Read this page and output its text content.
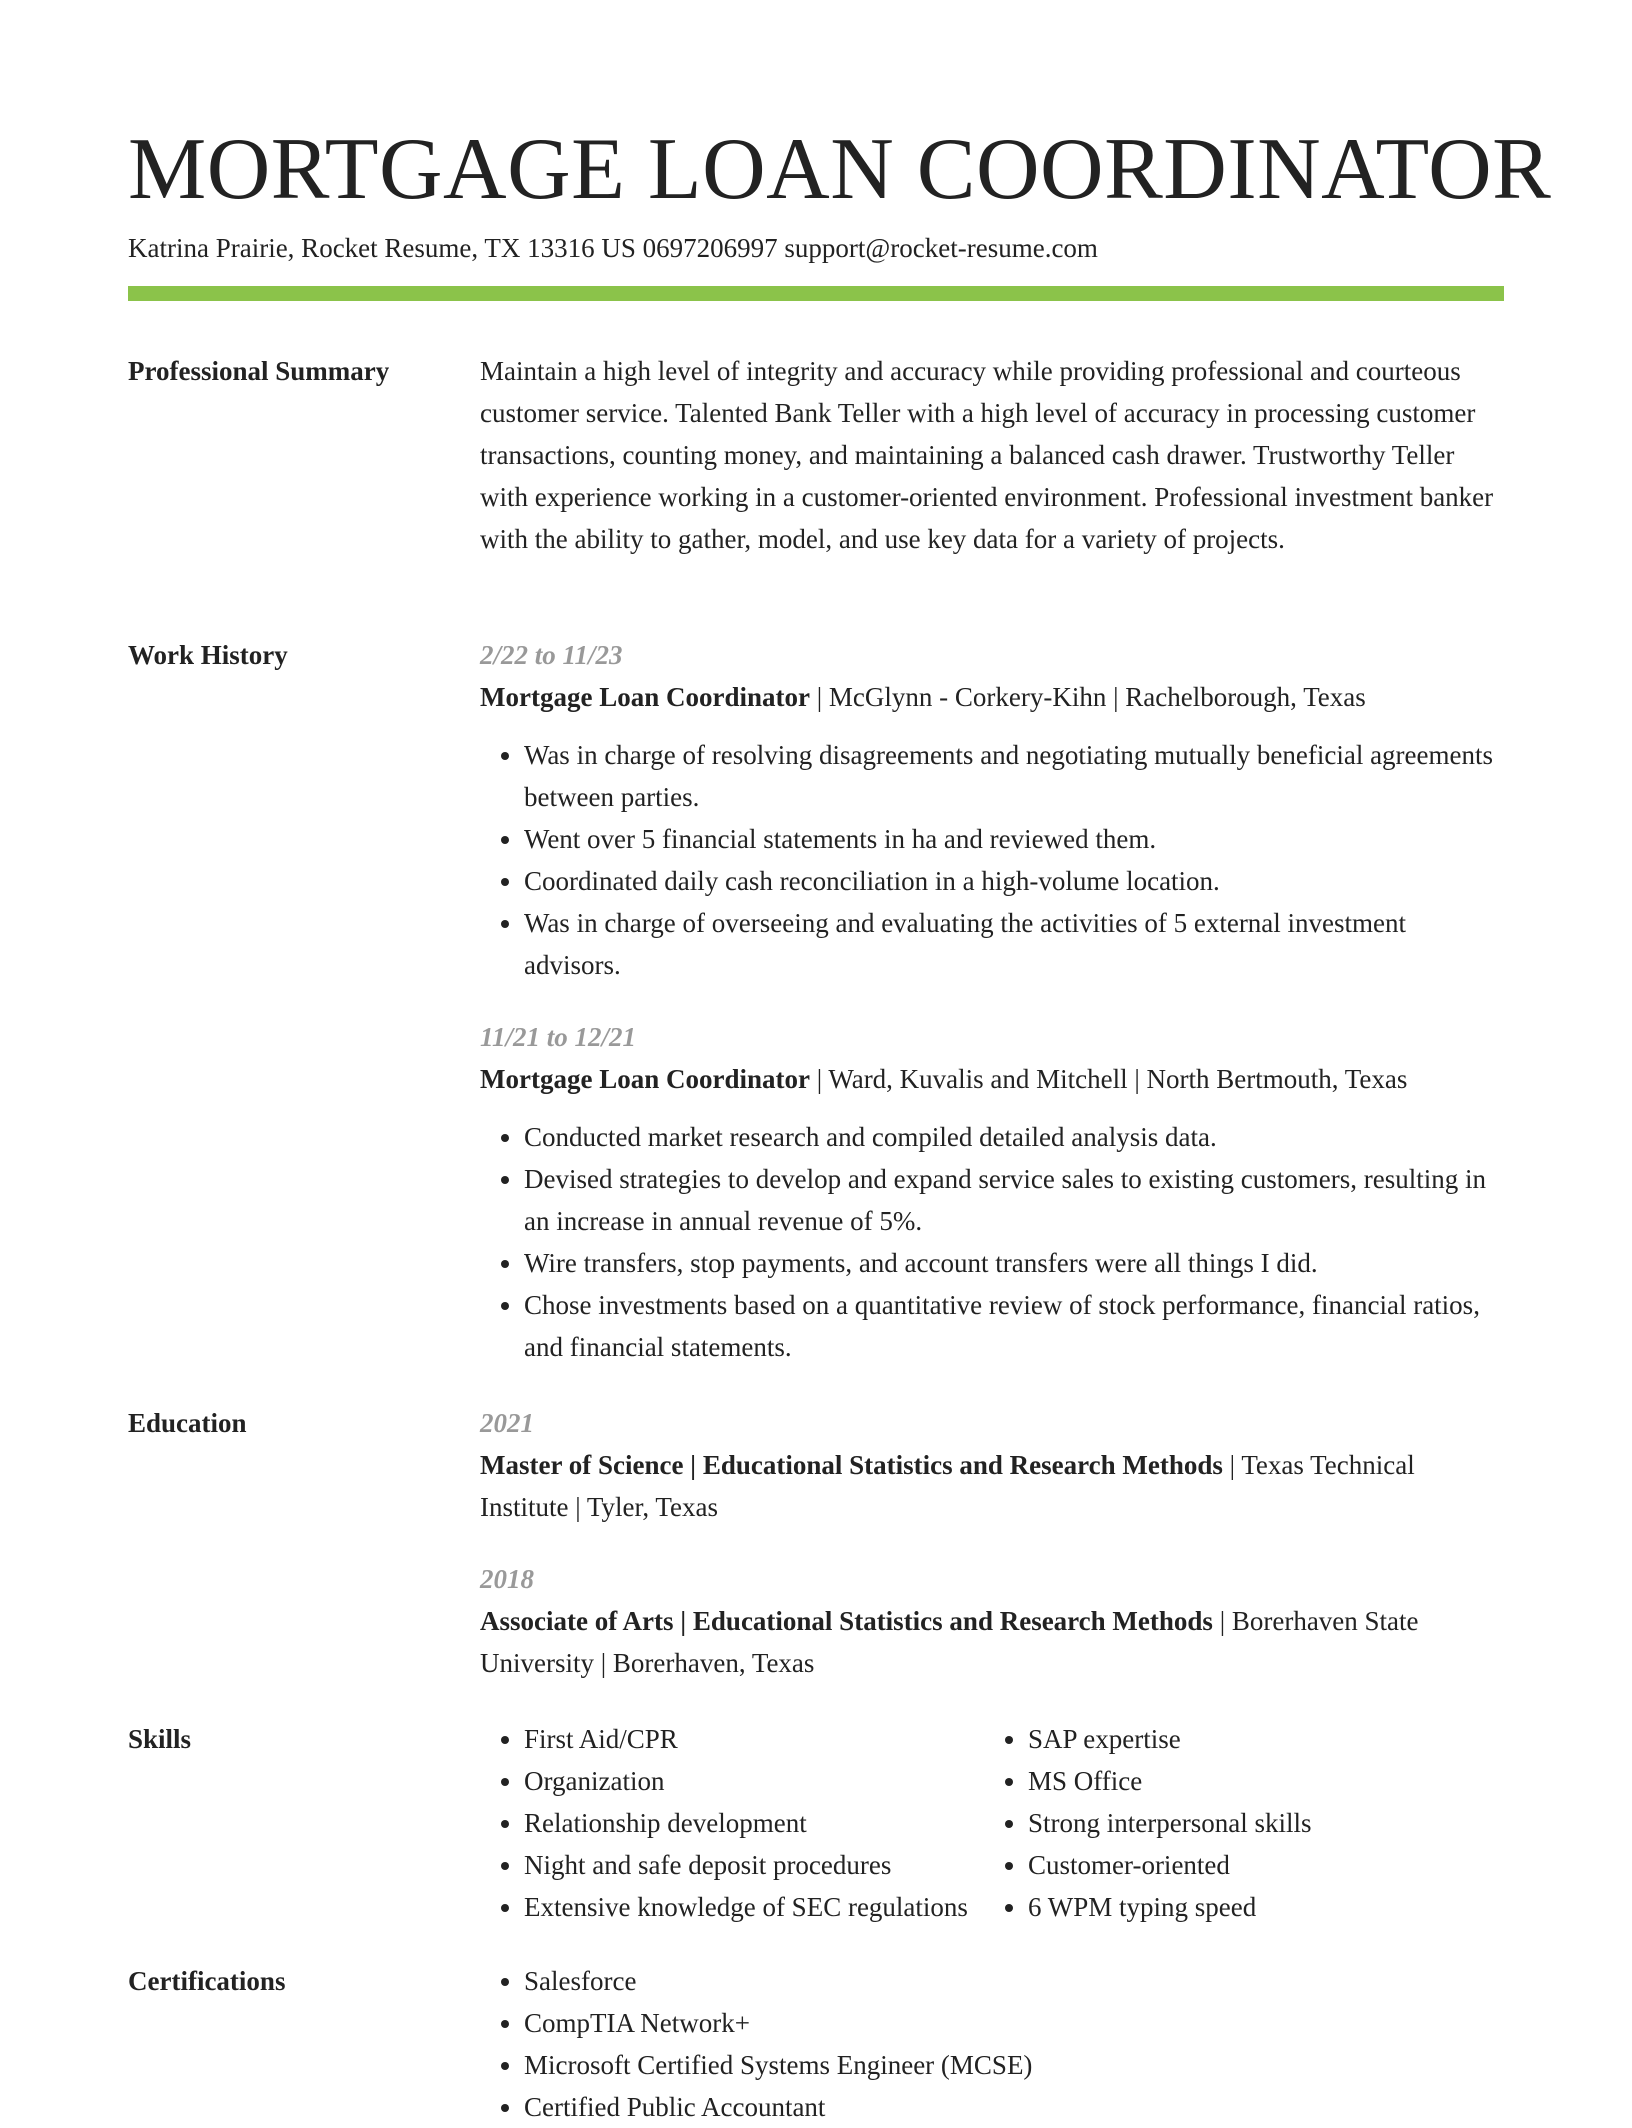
MORTGAGE LOAN COORDINATOR
Katrina Prairie, Rocket Resume, TX 13316 US 0697206997 support@rocket-resume.com
Professional Summary	Maintain a high level of integrity and accuracy while providing professional and courteous customer service. Talented Bank Teller with a high level of accuracy in processing customer transactions, counting money, and maintaining a balanced cash drawer. Trustworthy Teller with experience working in a customer-oriented environment. Professional investment banker with the ability to gather, model, and use key data for a variety of projects.

Work History	2/22 to 11/23
Mortgage Loan Coordinator | McGlynn - Corkery-Kihn | Rachelborough, Texas
• Was in charge of resolving disagreements and negotiating mutually beneficial agreements between parties.
• Went over 5 financial statements in ha and reviewed them.
• Coordinated daily cash reconciliation in a high-volume location.
• Was in charge of overseeing and evaluating the activities of 5 external investment advisors.
11/21 to 12/21
Mortgage Loan Coordinator | Ward, Kuvalis and Mitchell | North Bertmouth, Texas
• Conducted market research and compiled detailed analysis data.
• Devised strategies to develop and expand service sales to existing customers, resulting in an increase in annual revenue of 5%.
• Wire transfers, stop payments, and account transfers were all things I did.
• Chose investments based on a quantitative review of stock performance, financial ratios, and financial statements.
Education	2021
Master of Science | Educational Statistics and Research Methods | Texas Technical Institute | Tyler, Texas
2018
Associate of Arts | Educational Statistics and Research Methods | Borerhaven State University | Borerhaven, Texas
Skills	• First Aid/CPR
• Organization
• Relationship development
• Night and safe deposit procedures
• Extensive knowledge of SEC regulations
• SAP expertise
• MS Office
• Strong interpersonal skills
• Customer-oriented
• 6 WPM typing speed
Certifications	• Salesforce
• CompTIA Network+
• Microsoft Certified Systems Engineer (MCSE)
• Certified Public Accountant
